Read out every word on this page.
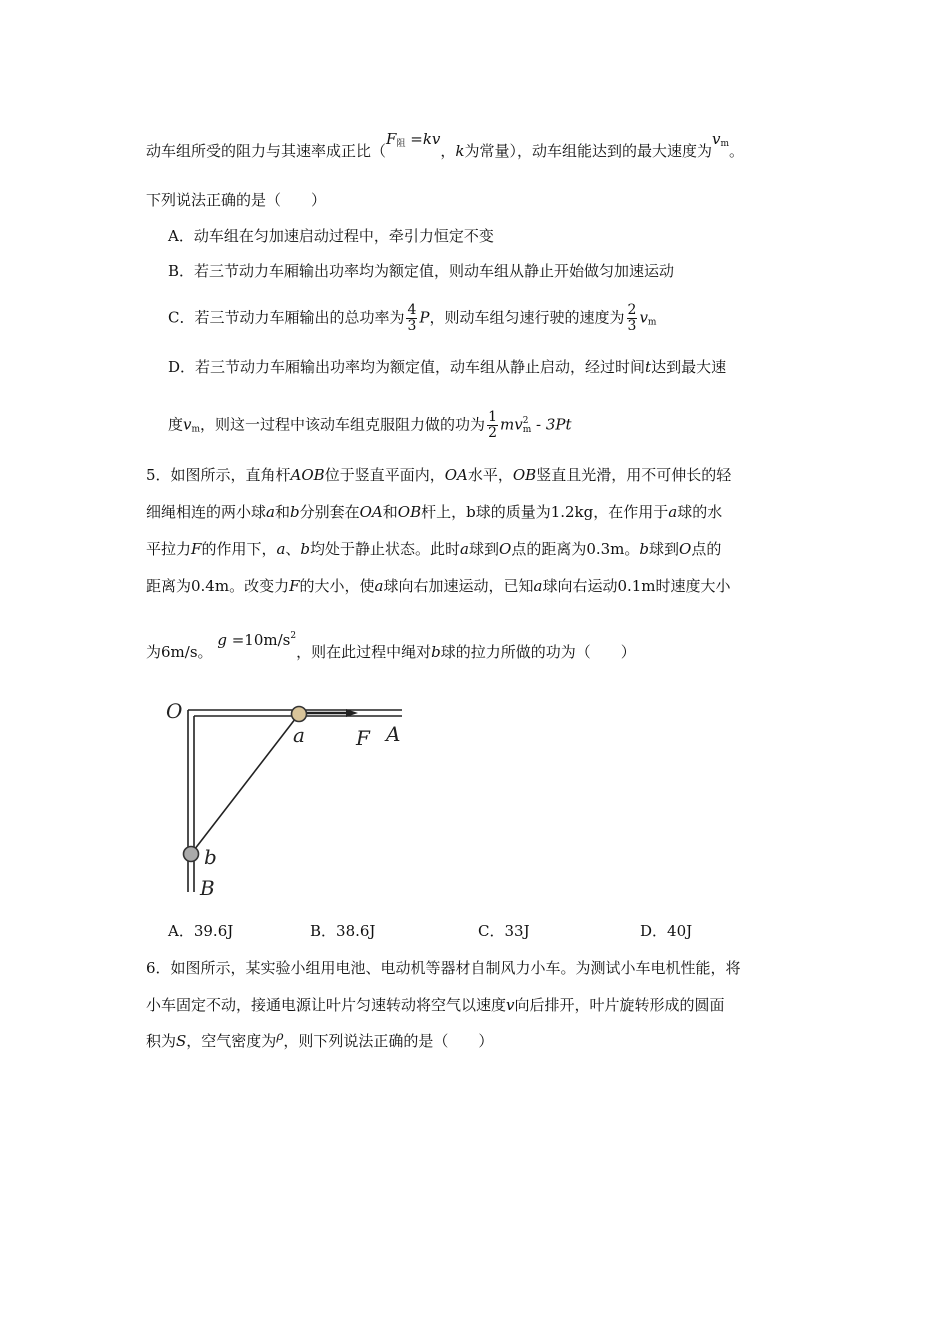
动车组所受的阻力与其速率成正比（$F_阻 =kv$，k为常量），动车组能达到的最大速度为$v_m$。
下列说法正确的是（　　）
A．动车组在匀加速启动过程中，牵引力恒定不变
B．若三节动力车厢输出功率均为额定值，则动车组从静止开始做匀加速运动
C．若三节动力车厢输出的总功率为 $\frac{4}{3}$ P，则动车组匀速行驶的速度为 $\frac{2}{3} v_m$
D．若三节动力车厢输出功率均为额定值，动车组从静止启动，经过时间t达到最大速
度$v_m$，则这一过程中该动车组克服阻力做的功为 $\frac{1}{2}$ mv 2
m - 3Pt
5．如图所示，直角杆AOB位于竖直平面内，OA水平，OB竖直且光滑，用不可伸长的轻
细绳相连的两小球a和b分别套在OA和OB杆上，b球的质量为1.2kg，在作用于a球的水
平拉力F的作用下，a、b均处于静止状态。此时a球到O点的距离为0.3m。b球到O点的
距离为0.4m。改变力F的大小，使a球向右加速运动，已知a球向右运动0.1m时速度大小
为6m/s。 $g =10m/s^2$，则在此过程中绳对b球的拉力所做的功为（　　）
O
a	F A
b
B
A．39.6J	B．38.6J	C．33J	D．40J
6．如图所示，某实验小组用电池、电动机等器材自制风力小车。为测试小车电机性能，将
小车固定不动，接通电源让叶片匀速转动将空气以速度v向后排开，叶片旋转形成的圆面
积为S，空气密度为$^\rho$，则下列说法正确的是（　　）
